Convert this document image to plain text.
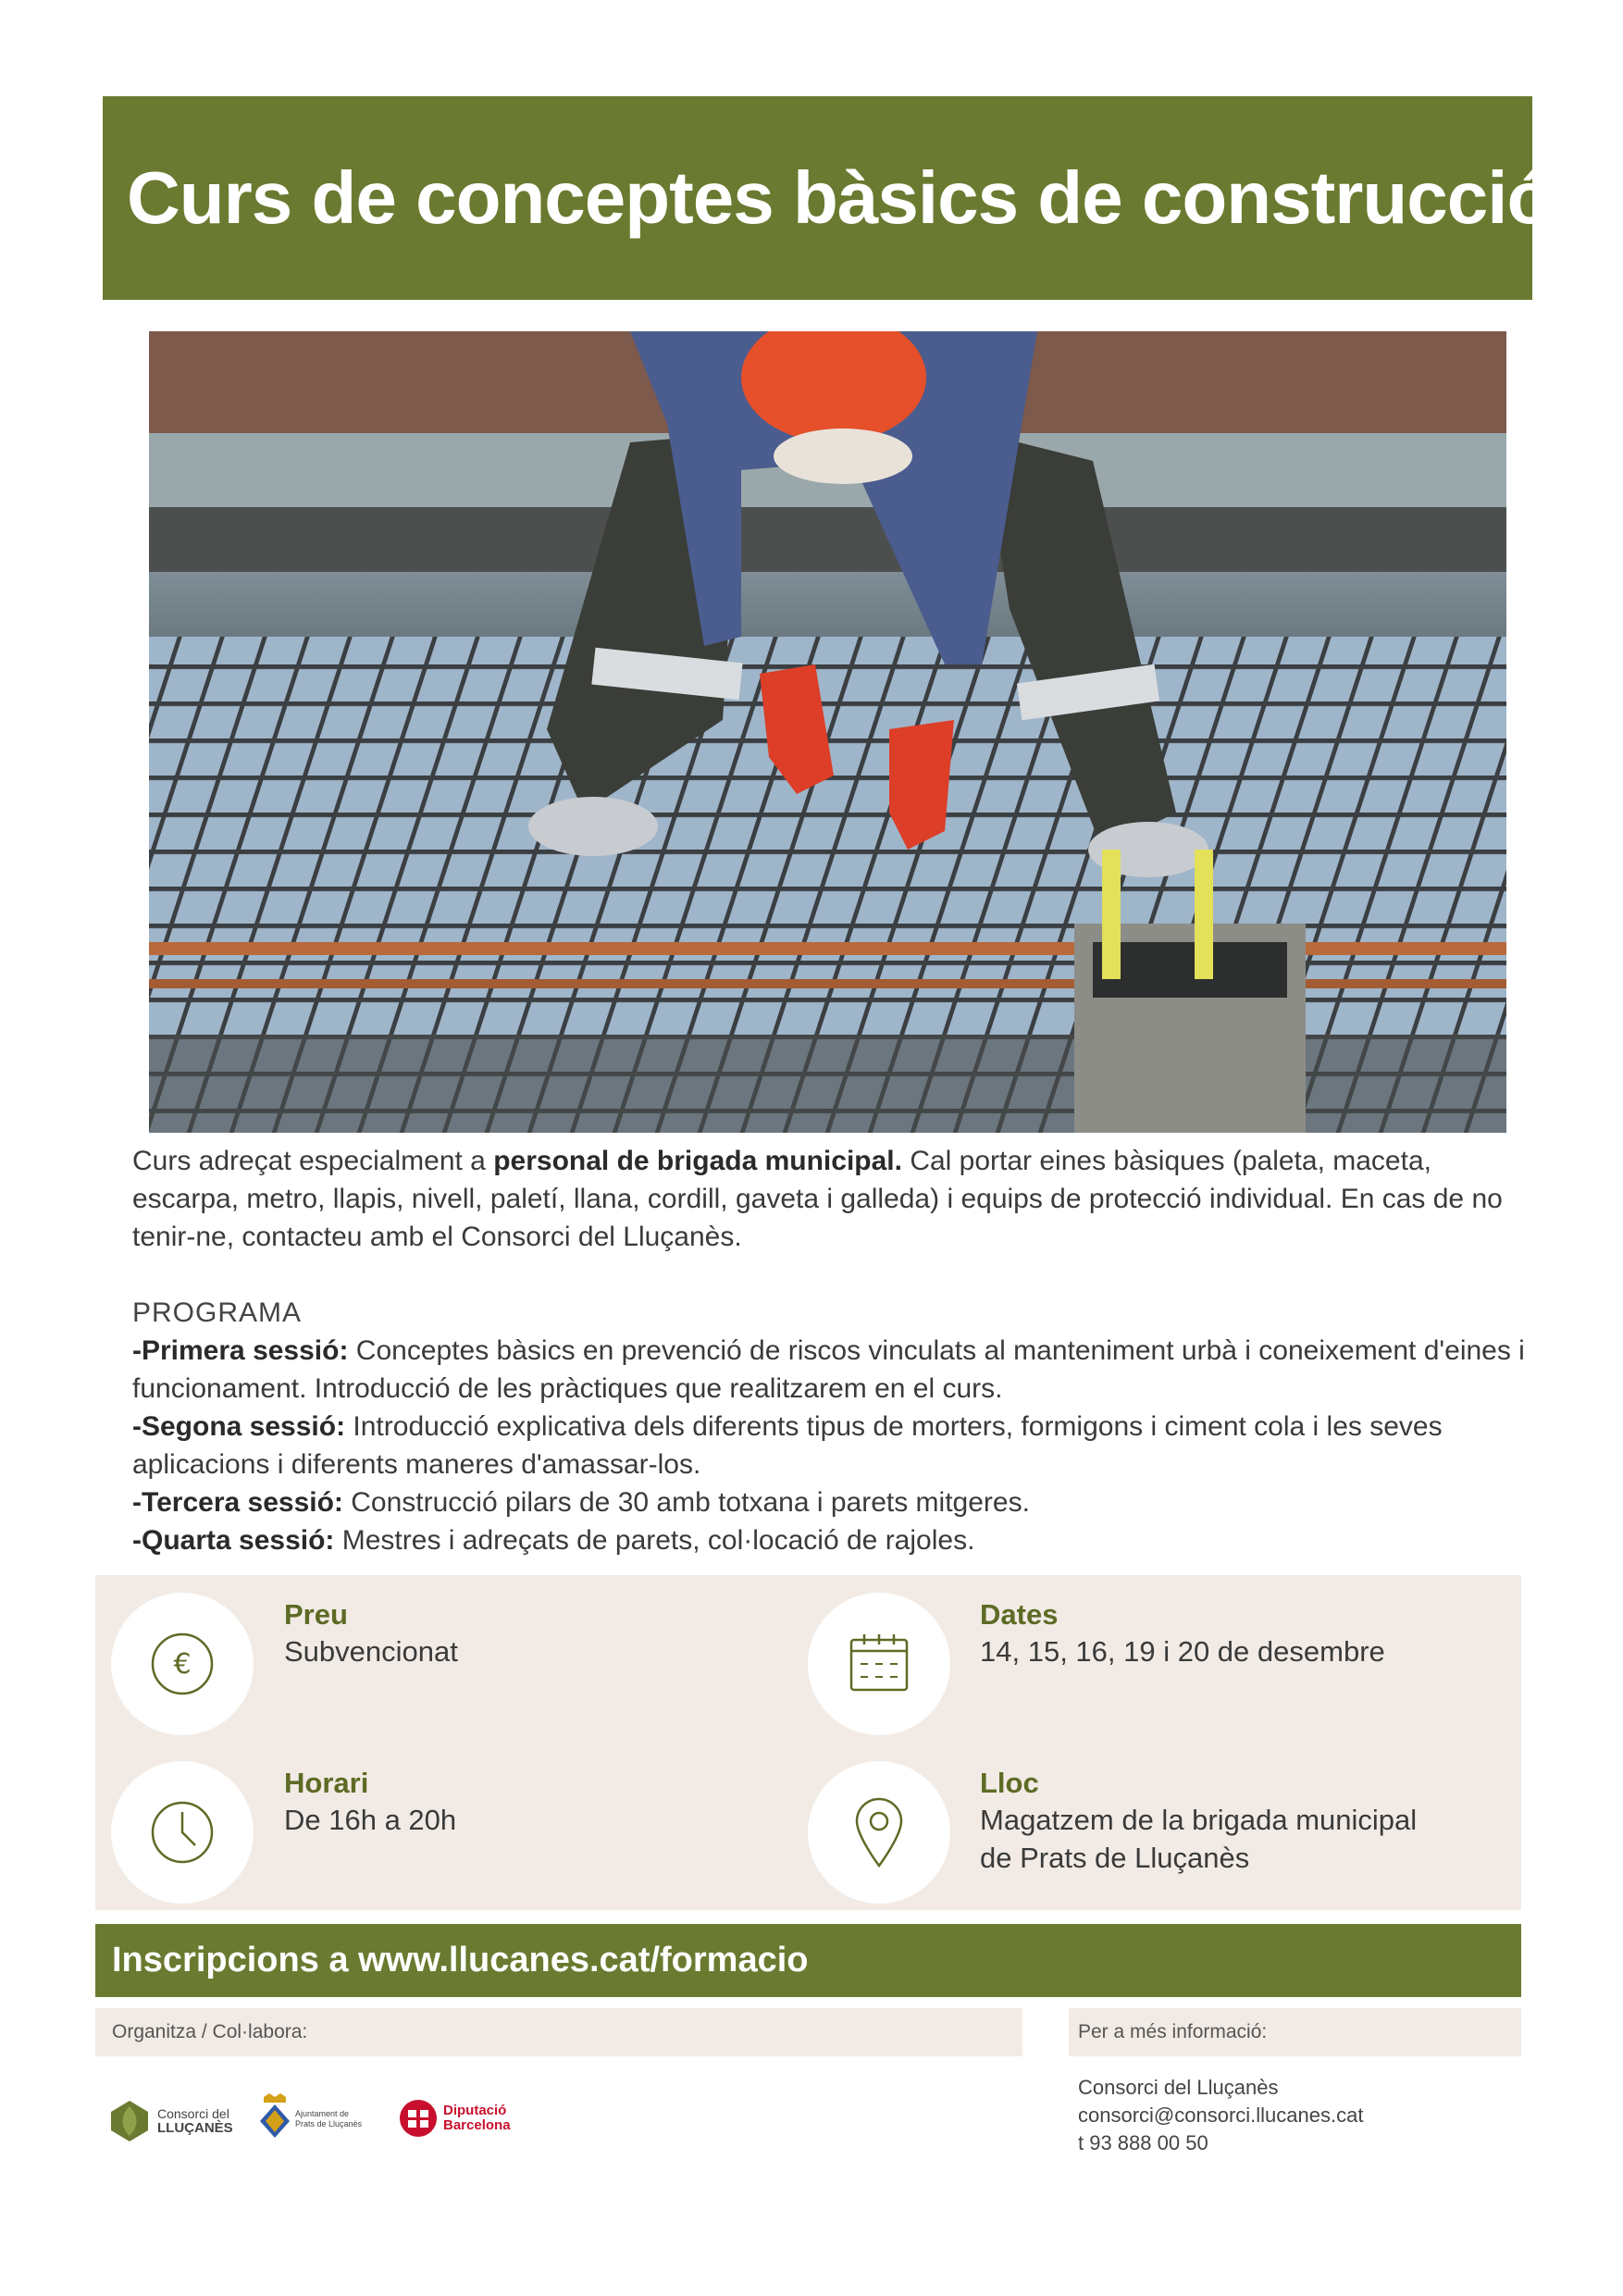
Curs de conceptes bàsics de construcció
Curs adreçat especialment a personal de brigada municipal. Cal portar eines bàsiques (paleta, maceta, escarpa, metro, llapis, nivell, paletí, llana, cordill, gaveta i galleda) i equips de protecció individual. En cas de no tenir-ne, contacteu amb el Consorci del Lluçanès.
PROGRAMA
-Primera sessió: Conceptes bàsics en prevenció de riscos vinculats al manteniment urbà i coneixement d'eines i funcionament. Introducció de les pràctiques que realitzarem en el curs.
-Segona sessió: Introducció explicativa dels diferents tipus de morters, formigons i ciment cola i les seves aplicacions i diferents maneres d'amassar-los.
-Tercera sessió: Construcció pilars de 30 amb totxana i parets mitgeres.
-Quarta sessió: Mestres i adreçats de parets, col·locació de rajoles.
€
Preu
Subvencionat
Dates
14, 15, 16, 19 i 20 de desembre
Horari
De 16h a 20h
Lloc
Magatzem de la brigada municipal
de Prats de Lluçanès
Inscripcions a www.llucanes.cat/formacio
Organitza / Col·labora:	Per a més informació:
Consorci del
LLUÇANÈS
Ajuntament de
Prats de Lluçanès
Diputació
Barcelona
Consorci del Lluçanès
consorci@consorci.llucanes.cat
t 93 888 00 50
